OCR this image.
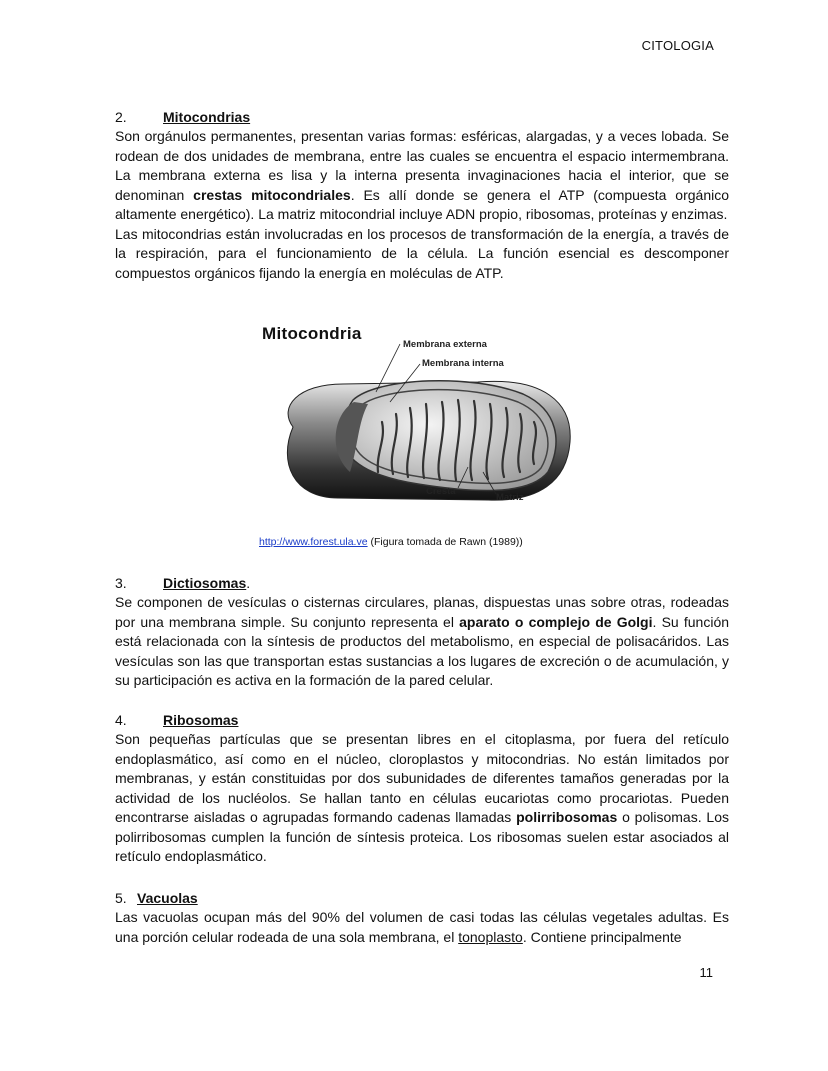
CITOLOGIA
2.	Mitocondrias

Son orgánulos permanentes, presentan varias formas: esféricas, alargadas, y a veces lobada. Se rodean de dos unidades de membrana, entre las cuales se encuentra el espacio intermembrana. La membrana externa es lisa y la interna presenta invaginaciones hacia el interior, que se denominan crestas mitocondriales. Es allí donde se genera el ATP (compuesta orgánico altamente energético). La matriz mitocondrial incluye ADN propio, ribosomas, proteínas y enzimas.

Las mitocondrias están involucradas en los procesos de transformación de la energía, a través de la respiración, para el funcionamiento de la célula. La función esencial es descomponer compuestos orgánicos fijando la energía en moléculas de ATP.

Mitocondria
Membrana externa
Membrana interna
Cresta
Matriz
http://www.forest.ula.ve (Figura tomada de Rawn (1989))
3.	Dictiosomas.

Se componen de vesículas o cisternas circulares, planas, dispuestas unas sobre otras, rodeadas por una membrana simple. Su conjunto representa el aparato o complejo de Golgi. Su función está relacionada con la síntesis de productos del metabolismo, en especial de polisacáridos. Las vesículas son las que transportan estas sustancias a los lugares de excreción o de acumulación, y su participación es activa en la formación de la pared celular.

4.	Ribosomas

Son pequeñas partículas que se presentan libres en el citoplasma, por fuera del retículo endoplasmático, así como en el núcleo, cloroplastos y mitocondrias. No están limitados por membranas, y están constituidas por dos subunidades de diferentes tamaños generadas por la actividad de los nucléolos. Se hallan tanto en células eucariotas como procariotas. Pueden encontrarse aisladas o agrupadas formando cadenas llamadas polirribosomas o polisomas. Los polirribosomas cumplen la función de síntesis proteica. Los ribosomas suelen estar asociados al retículo endoplasmático.

5. Vacuolas

Las vacuolas ocupan más del 90% del volumen de casi todas las células vegetales adultas. Es una porción celular rodeada de una sola membrana, el tonoplasto. Contiene principalmente

11
